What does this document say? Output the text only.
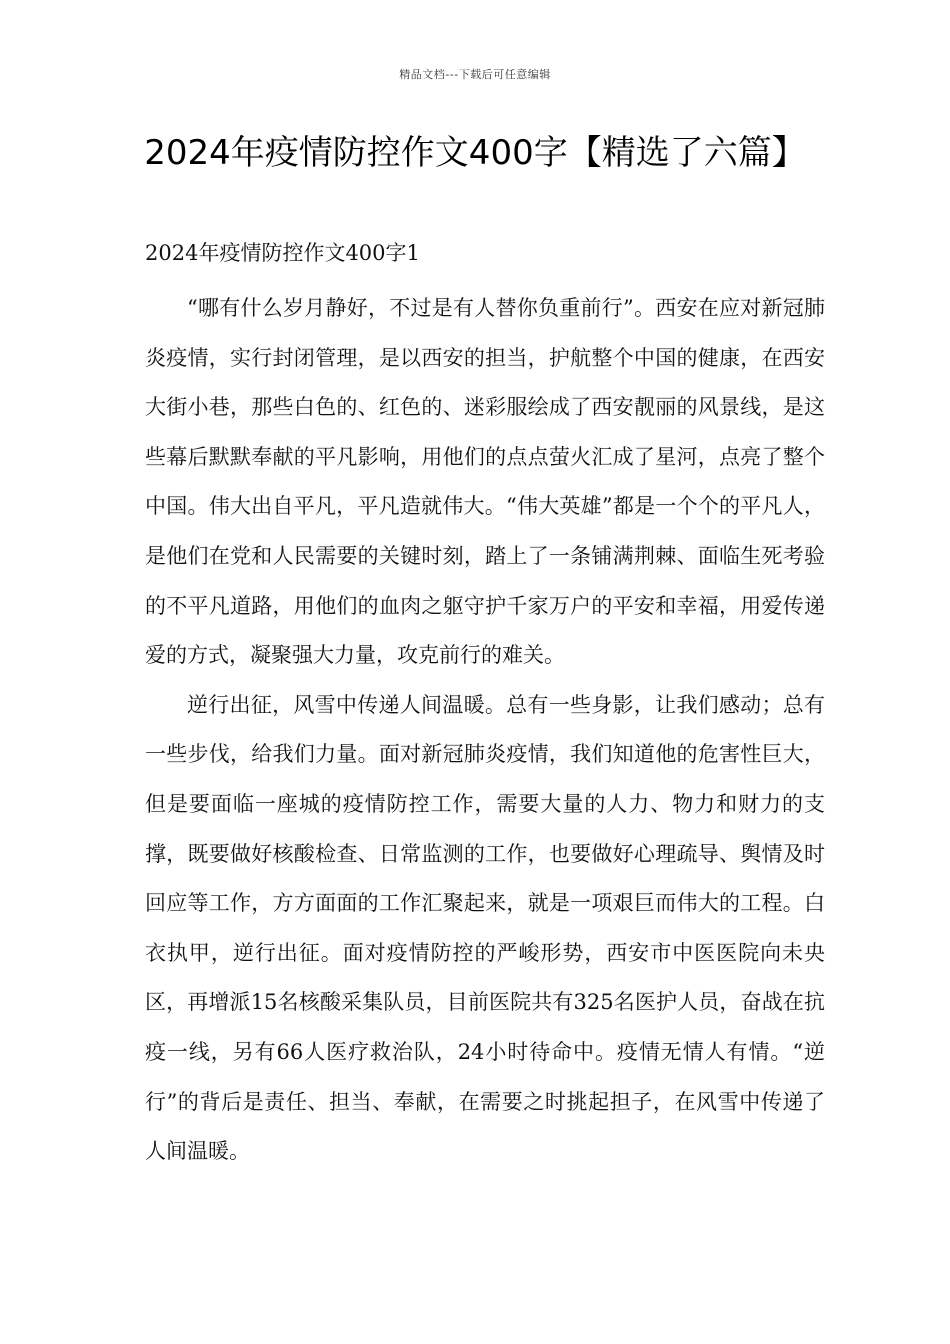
精品文档---下载后可任意编辑
2024年疫情防控作文400字【精选了六篇】
2024年疫情防控作文400字1

“哪有什么岁月静好，不过是有人替你负重前行”。西安在应对新冠肺炎疫情，实行封闭管理，是以西安的担当，护航整个中国的健康，在西安大街小巷，那些白色的、红色的、迷彩服绘成了西安靓丽的风景线，是这些幕后默默奉献的平凡影响，用他们的点点萤火汇成了星河，点亮了整个中国。伟大出自平凡，平凡造就伟大。“伟大英雄”都是一个个的平凡人，是他们在党和人民需要的关键时刻，踏上了一条铺满荆棘、面临生死考验的不平凡道路，用他们的血肉之躯守护千家万户的平安和幸福，用爱传递爱的方式，凝聚强大力量，攻克前行的难关。

逆行出征，风雪中传递人间温暖。总有一些身影，让我们感动；总有一些步伐，给我们力量。面对新冠肺炎疫情，我们知道他的危害性巨大，但是要面临一座城的疫情防控工作，需要大量的人力、物力和财力的支撑，既要做好核酸检查、日常监测的工作，也要做好心理疏导、舆情及时回应等工作，方方面面的工作汇聚起来，就是一项艰巨而伟大的工程。白衣执甲，逆行出征。面对疫情防控的严峻形势，西安市中医医院向未央区，再增派15名核酸采集队员，目前医院共有325名医护人员，奋战在抗疫一线，另有66人医疗救治队，24小时待命中。疫情无情人有情。“逆行”的背后是责任、担当、奉献，在需要之时挑起担子，在风雪中传递了人间温暖。
